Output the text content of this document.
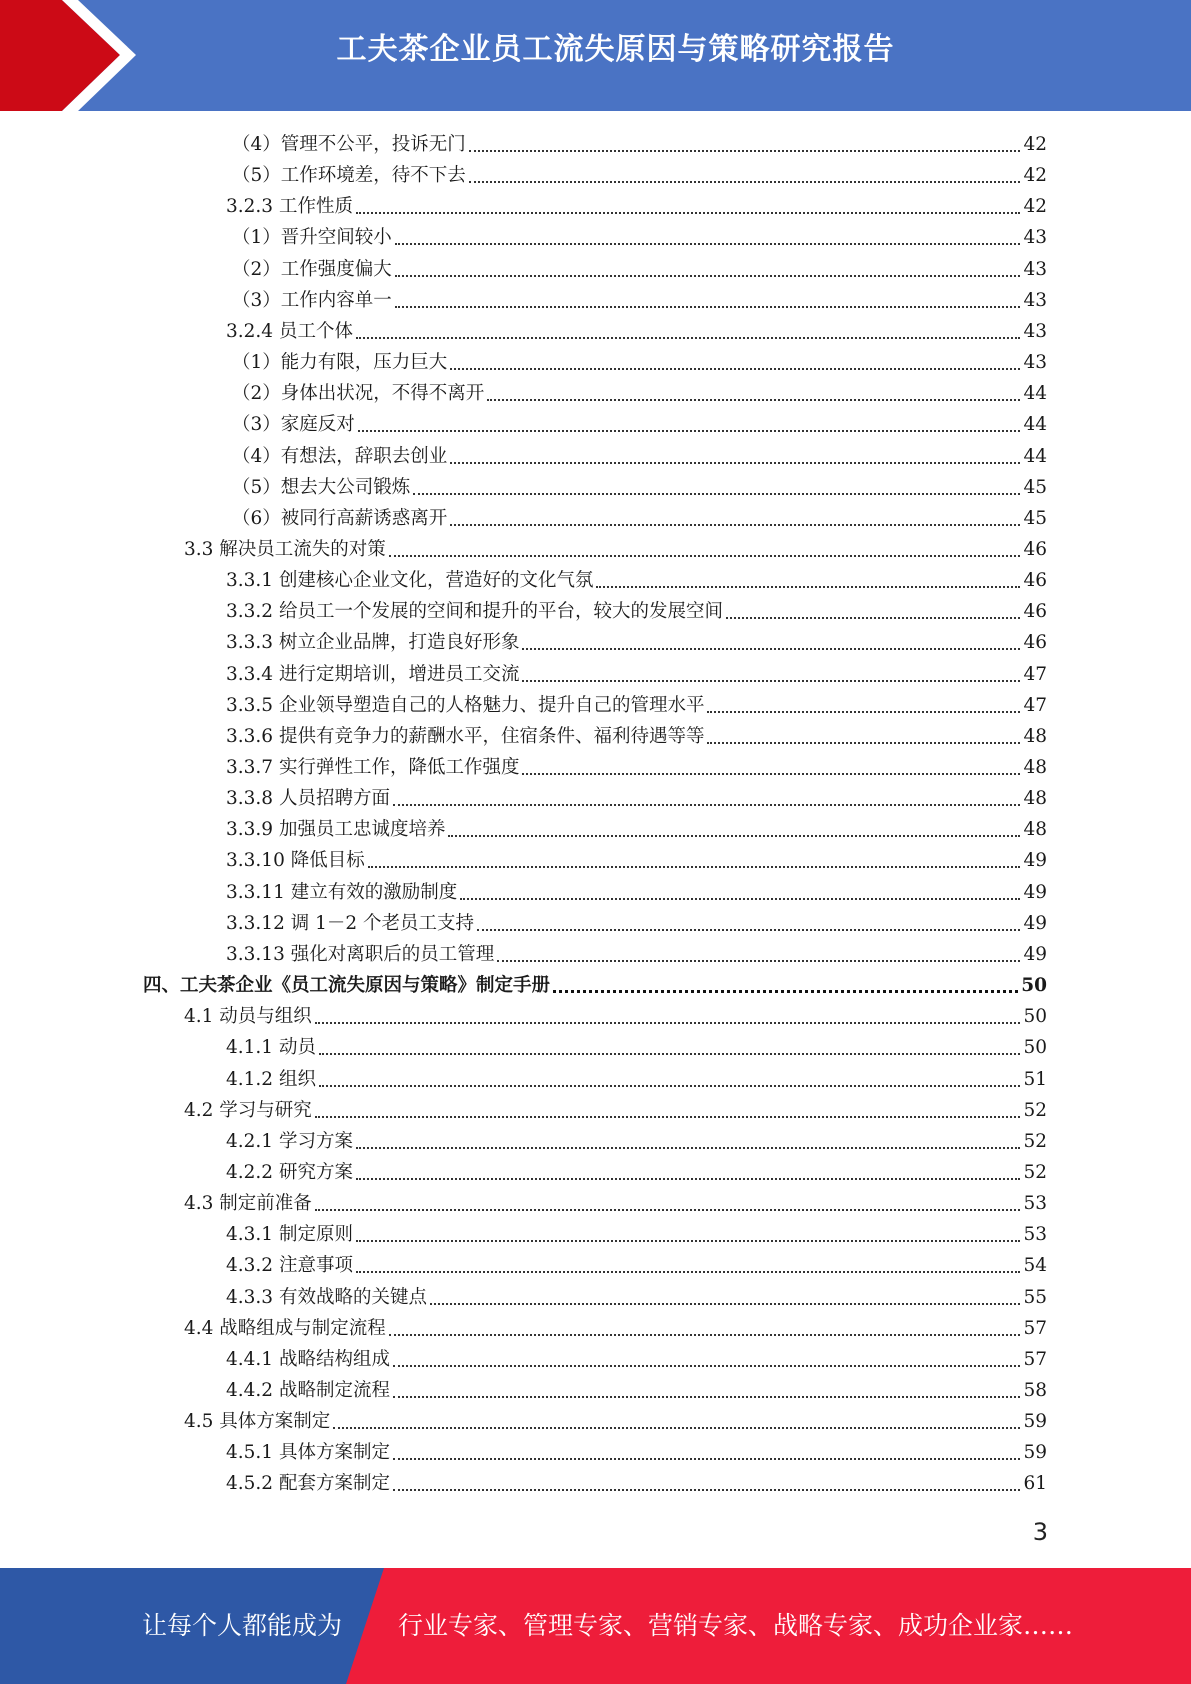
工夫茶企业员工流失原因与策略研究报告
（4）管理不公平，投诉无门	42
（5）工作环境差，待不下去	42
3.2.3 工作性质	42
（1）晋升空间较小	43
（2）工作强度偏大	43
（3）工作内容单一	43
3.2.4 员工个体	43
（1）能力有限，压力巨大	43
（2）身体出状况，不得不离开	44
（3）家庭反对	44
（4）有想法，辞职去创业	44
（5）想去大公司锻炼	45
（6）被同行高薪诱惑离开	45
3.3 解决员工流失的对策	46
3.3.1 创建核心企业文化，营造好的文化气氛	46
3.3.2 给员工一个发展的空间和提升的平台，较大的发展空间	46
3.3.3 树立企业品牌，打造良好形象	46
3.3.4 进行定期培训，增进员工交流	47
3.3.5 企业领导塑造自己的人格魅力、提升自己的管理水平	47
3.3.6 提供有竞争力的薪酬水平，住宿条件、福利待遇等等	48
3.3.7 实行弹性工作，降低工作强度	48
3.3.8 人员招聘方面	48
3.3.9 加强员工忠诚度培养	48
3.3.10 降低目标	49
3.3.11 建立有效的激励制度	49
3.3.12 调 1－2 个老员工支持	49
3.3.13 强化对离职后的员工管理	49
四、工夫茶企业《员工流失原因与策略》制定手册	50
4.1 动员与组织	50
4.1.1 动员	50
4.1.2 组织	51
4.2 学习与研究	52
4.2.1 学习方案	52
4.2.2 研究方案	52
4.3 制定前准备	53
4.3.1 制定原则	53
4.3.2 注意事项	54
4.3.3 有效战略的关键点	55
4.4 战略组成与制定流程	57
4.4.1 战略结构组成	57
4.4.2 战略制定流程	58
4.5 具体方案制定	59
4.5.1 具体方案制定	59
4.5.2 配套方案制定	61
3
让每个人都能成为 行业专家、管理专家、营销专家、战略专家、成功企业家……
